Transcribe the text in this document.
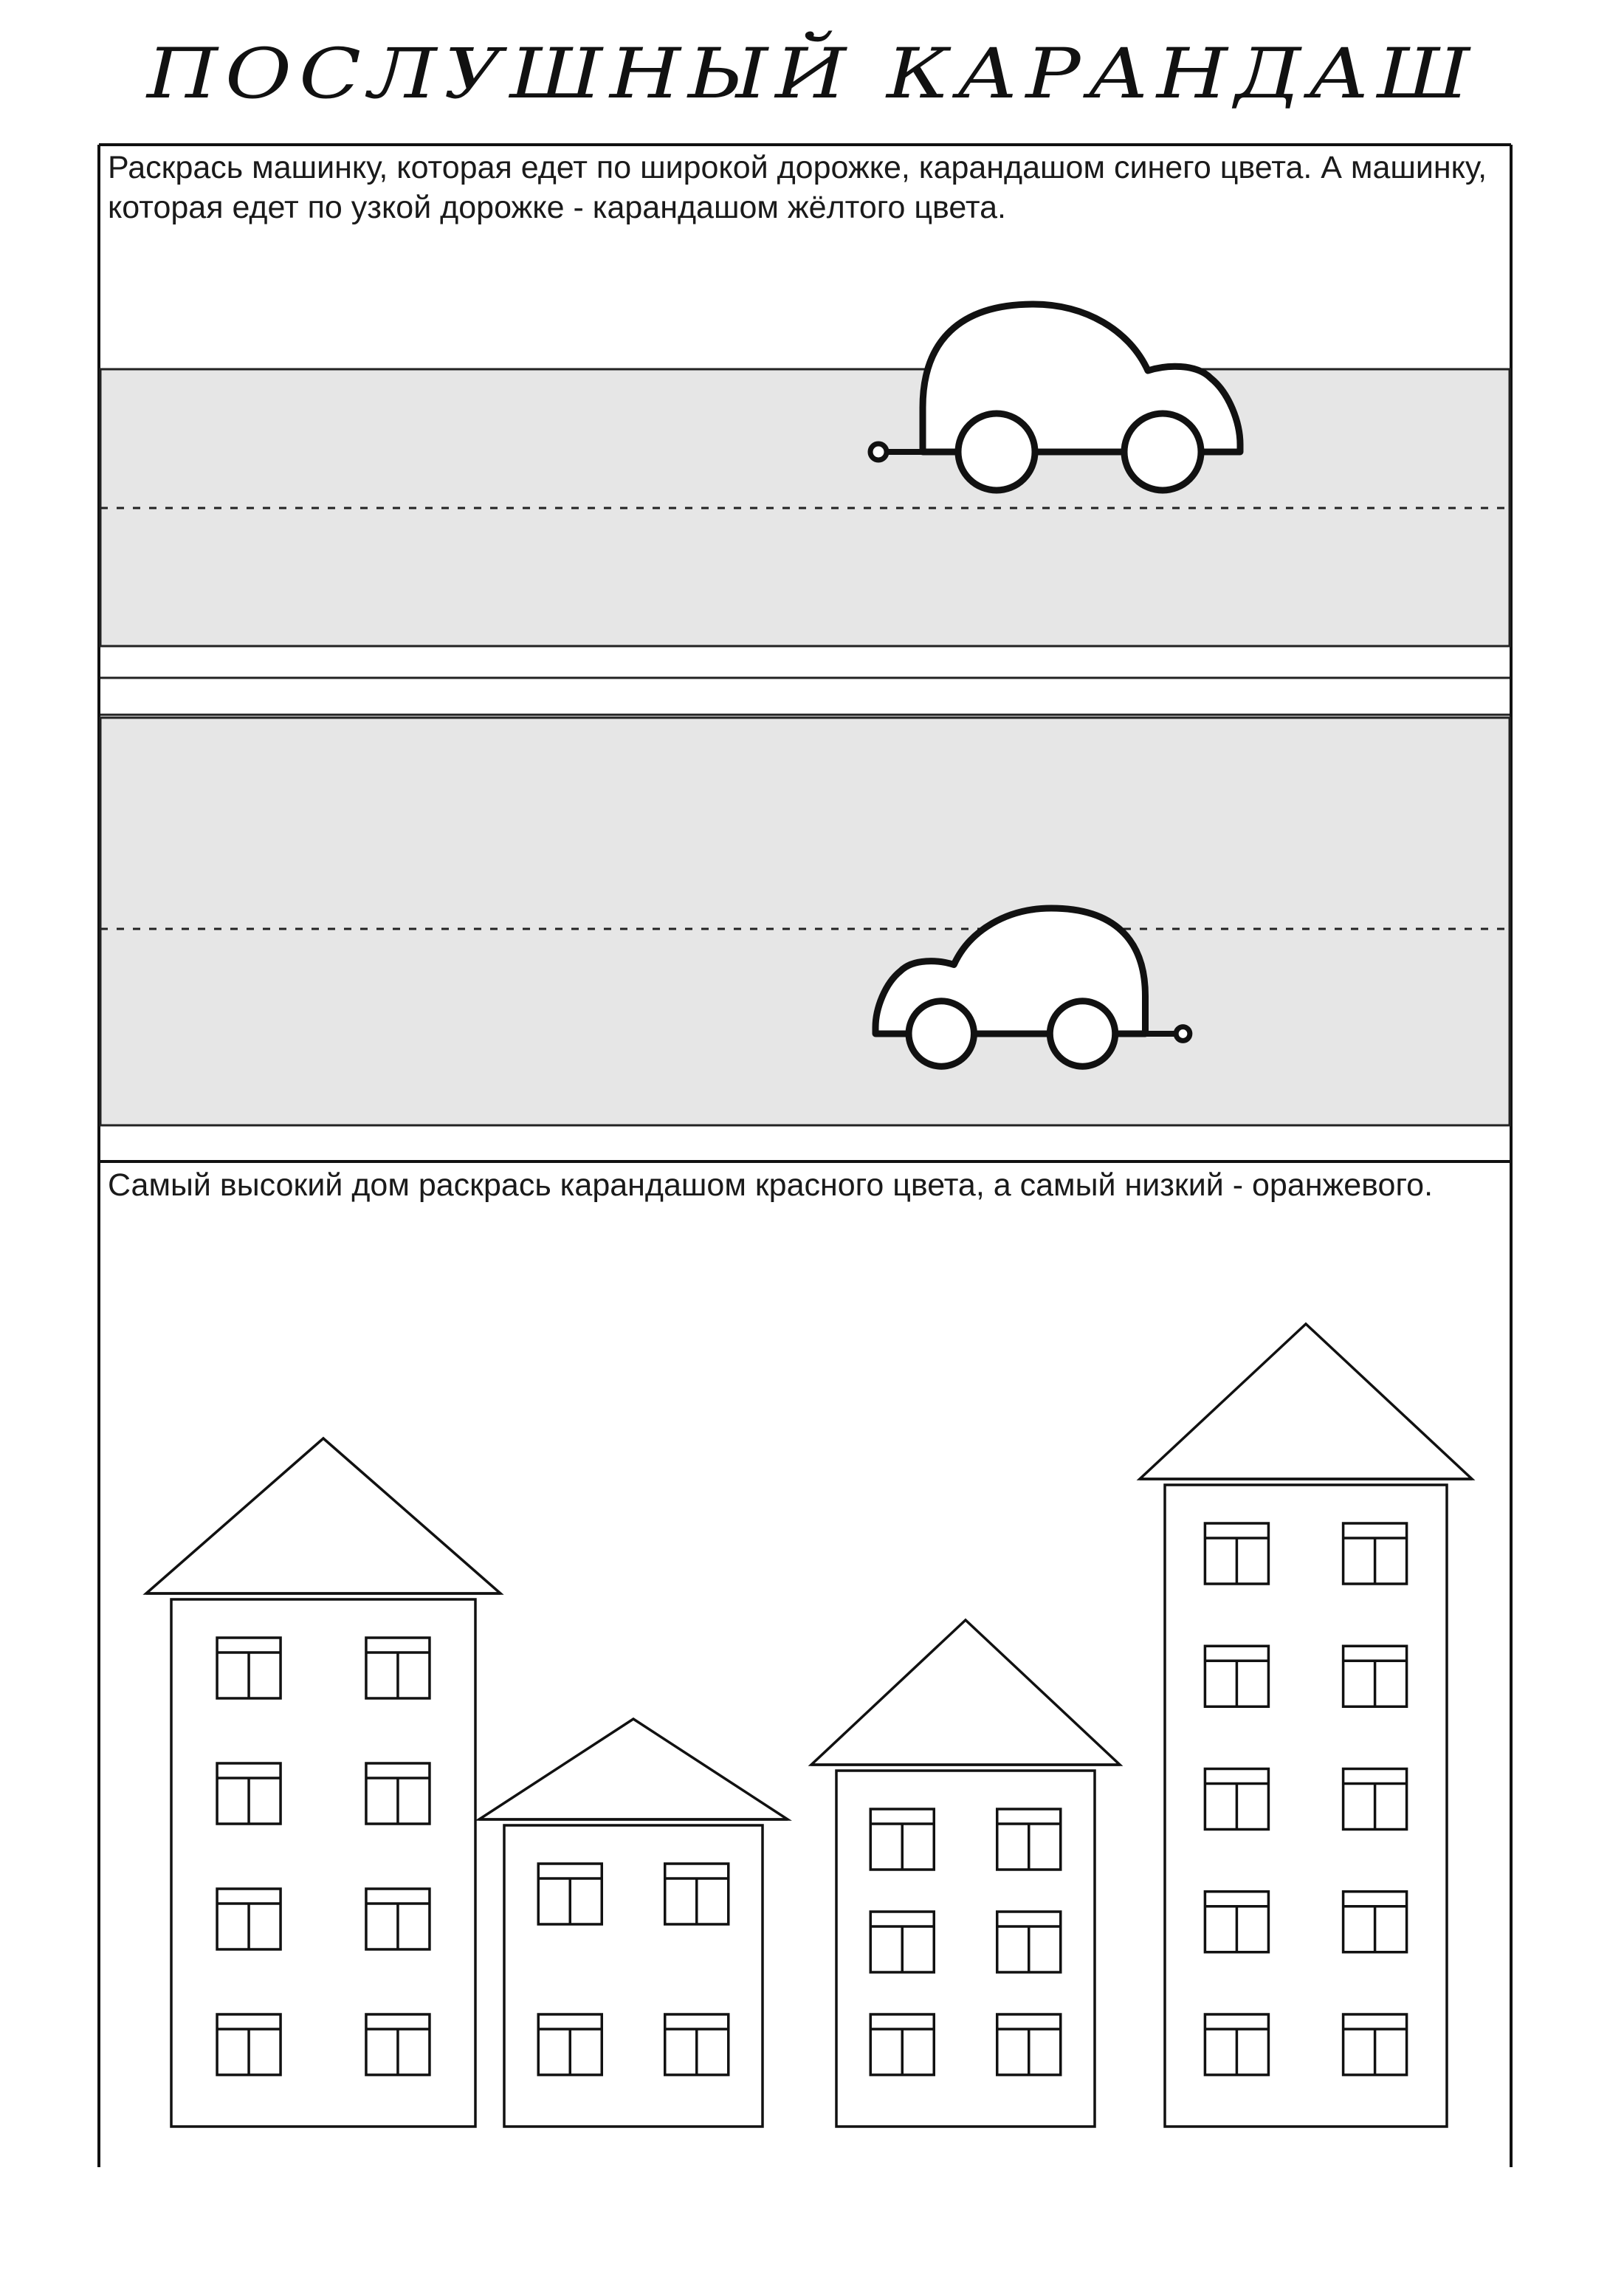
ПОСЛУШНЫЙ КАРАНДАШ

Раскрась машинку, которая едет по широкой дорожке, карандашом синего цвета. А машинку, которая едет по узкой дорожке - карандашом жёлтого цвета.

Самый высокий дом раскрась карандашом красного цвета, а самый низкий - оранжевого.
